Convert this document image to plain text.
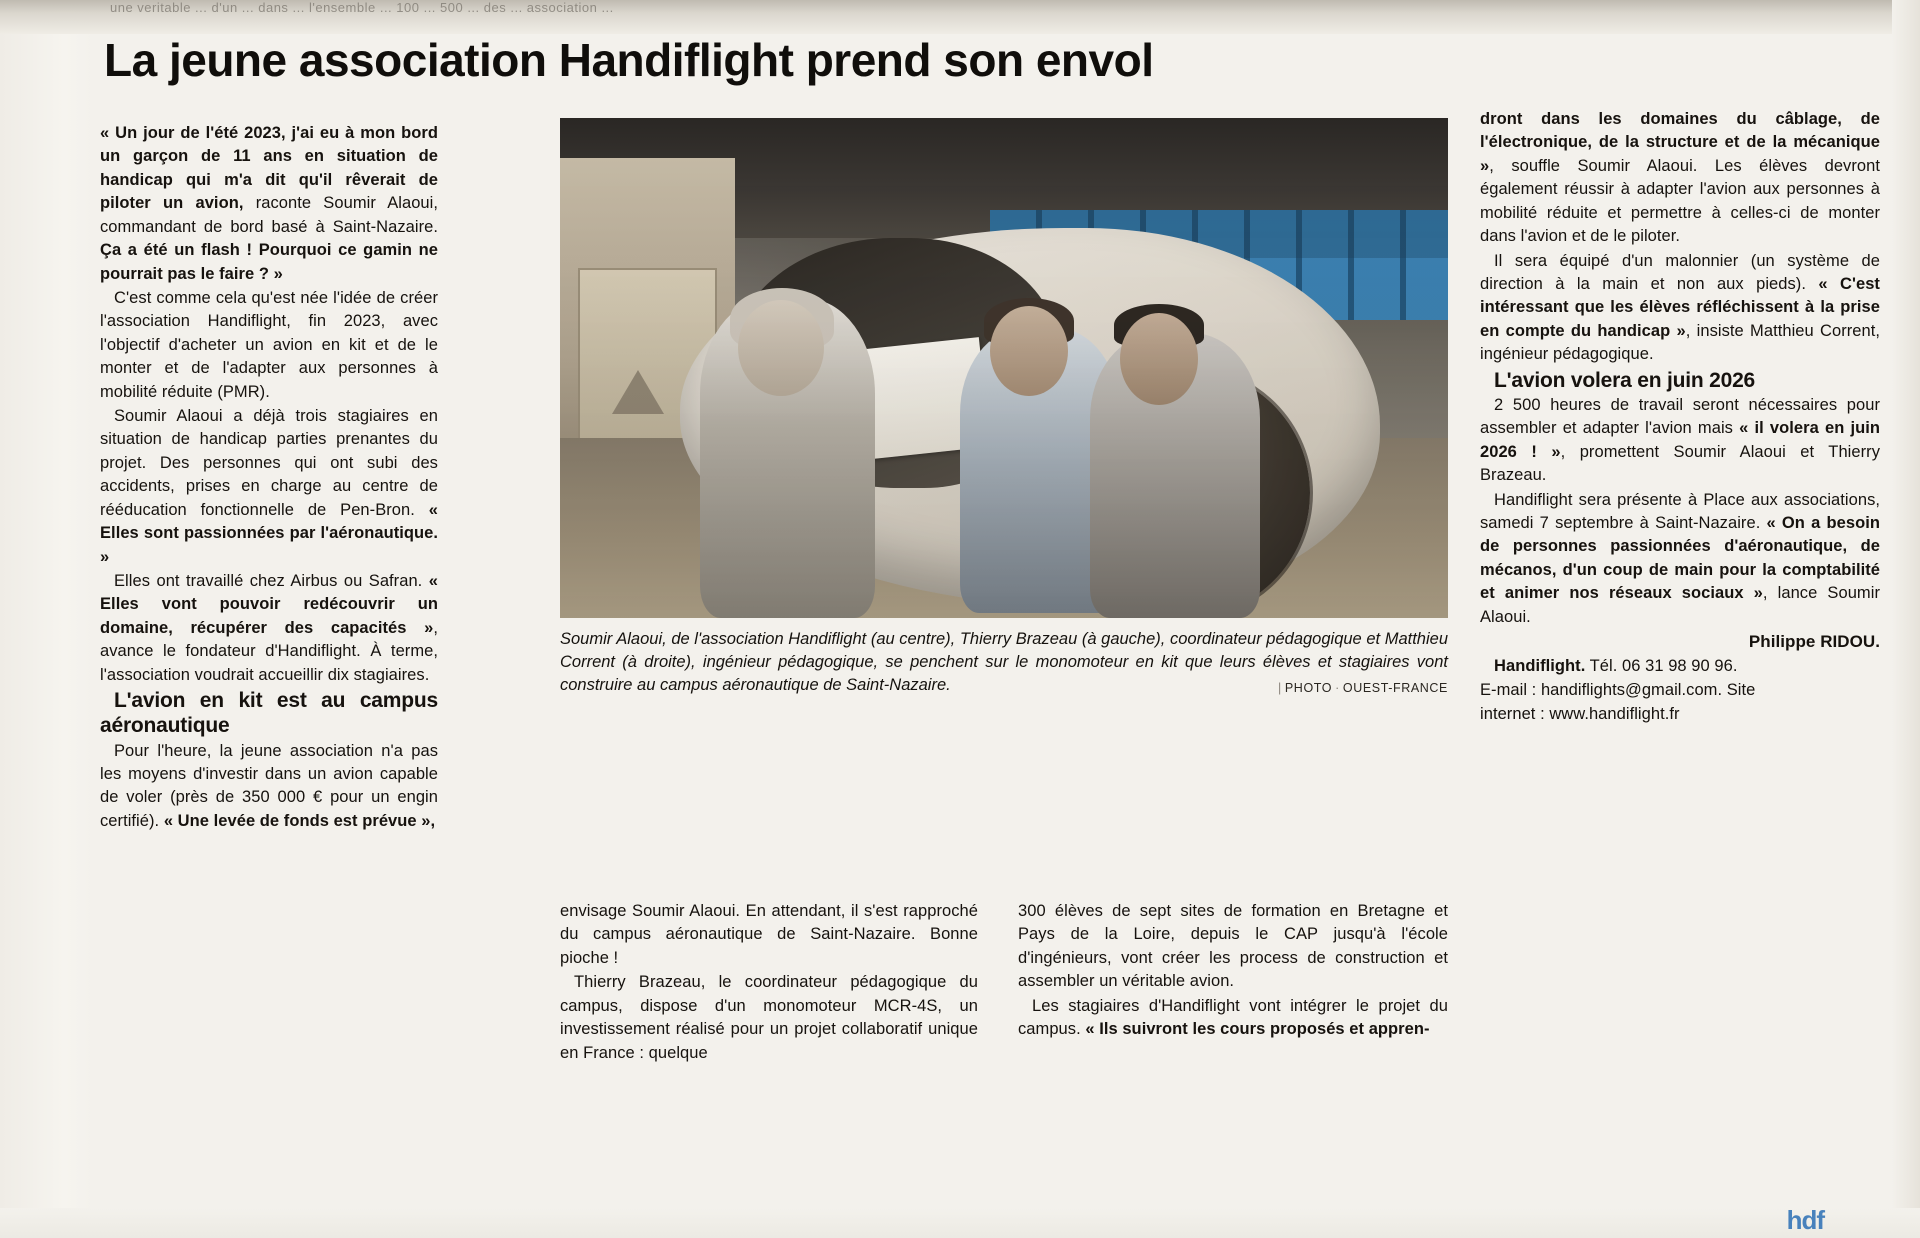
une veritable ... d'un ... dans ... l'ensemble ... 100 ... 500 ... des ... association ...
La jeune association Handiflight prend son envol

« Un jour de l'été 2023, j'ai eu à mon bord un garçon de 11 ans en situation de handicap qui m'a dit qu'il rêverait de piloter un avion, raconte Soumir Alaoui, commandant de bord basé à Saint-Nazaire. Ça a été un flash ! Pourquoi ce gamin ne pourrait pas le faire ? »

C'est comme cela qu'est née l'idée de créer l'association Handiflight, fin 2023, avec l'objectif d'acheter un avion en kit et de le monter et de l'adapter aux personnes à mobilité réduite (PMR).

Soumir Alaoui a déjà trois stagiaires en situation de handicap parties prenantes du projet. Des personnes qui ont subi des accidents, prises en charge au centre de rééducation fonctionnelle de Pen-Bron. « Elles sont passionnées par l'aéronautique. »

Elles ont travaillé chez Airbus ou Safran. « Elles vont pouvoir redécouvrir un domaine, récupérer des capacités », avance le fondateur d'Handiflight. À terme, l'association voudrait accueillir dix stagiaires.

L'avion en kit est au campus aéronautique

Pour l'heure, la jeune association n'a pas les moyens d'investir dans un avion capable de voler (près de 350 000 € pour un engin certifié). « Une levée de fonds est prévue »,

Soumir Alaoui, de l'association Handiflight (au centre), Thierry Brazeau (à gauche), coordinateur pédagogique et Matthieu Corrent (à droite), ingénieur pédagogique, se penchent sur le monomoteur en kit que leurs élèves et stagiaires vont construire au campus aéronautique de Saint-Nazaire.	| PHOTO · OUEST-FRANCE

envisage Soumir Alaoui. En attendant, il s'est rapproché du campus aéronautique de Saint-Nazaire. Bonne pioche !

Thierry Brazeau, le coordinateur pédagogique du campus, dispose d'un monomoteur MCR-4S, un investissement réalisé pour un projet collaboratif unique en France : quelque

300 élèves de sept sites de formation en Bretagne et Pays de la Loire, depuis le CAP jusqu'à l'école d'ingénieurs, vont créer les process de construction et assembler un véritable avion.

Les stagiaires d'Handiflight vont intégrer le projet du campus. « Ils suivront les cours proposés et appren-

dront dans les domaines du câblage, de l'électronique, de la structure et de la mécanique », souffle Soumir Alaoui. Les élèves devront également réussir à adapter l'avion aux personnes à mobilité réduite et permettre à celles-ci de monter dans l'avion et de le piloter.

Il sera équipé d'un malonnier (un système de direction à la main et non aux pieds). « C'est intéressant que les élèves réfléchissent à la prise en compte du handicap », insiste Matthieu Corrent, ingénieur pédagogique.

L'avion volera en juin 2026

2 500 heures de travail seront nécessaires pour assembler et adapter l'avion mais « il volera en juin 2026 ! », promettent Soumir Alaoui et Thierry Brazeau.

Handiflight sera présente à Place aux associations, samedi 7 septembre à Saint-Nazaire. « On a besoin de personnes passionnées d'aéronautique, de mécanos, d'un coup de main pour la comptabilité et animer nos réseaux sociaux », lance Soumir Alaoui.

Philippe RIDOU.

Handiflight. Tél. 06 31 98 90 96.
E-mail : handiflights@gmail.com. Site
internet : www.handiflight.fr

hdf
